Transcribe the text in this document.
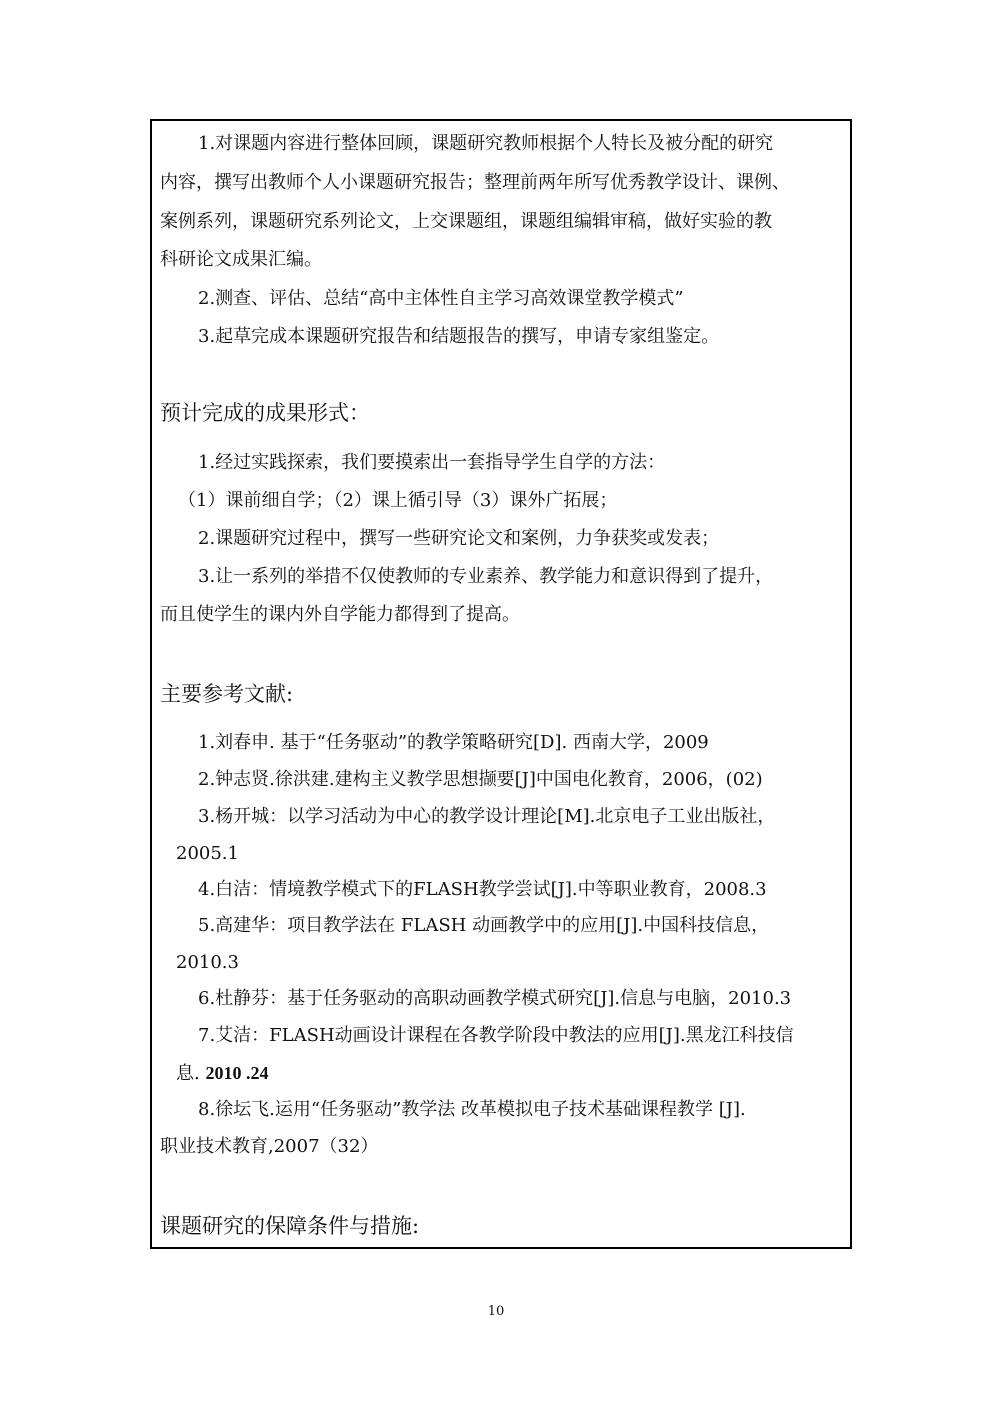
1.对课题内容进行整体回顾，课题研究教师根据个人特长及被分配的研究
内容，撰写出教师个人小课题研究报告；整理前两年所写优秀教学设计、课例、
案例系列，课题研究系列论文，上交课题组，课题组编辑审稿，做好实验的教
科研论文成果汇编。
2.测查、评估、总结“高中主体性自主学习高效课堂教学模式”
3.起草完成本课题研究报告和结题报告的撰写，申请专家组鉴定。
预计完成的成果形式：
1.经过实践探索，我们要摸索出一套指导学生自学的方法：
（1）课前细自学；（2）课上循引导（3）课外广拓展；
2.课题研究过程中，撰写一些研究论文和案例，力争获奖或发表；
3.让一系列的举措不仅使教师的专业素养、教学能力和意识得到了提升，
而且使学生的课内外自学能力都得到了提高。
主要参考文献:
1.刘春申. 基于“任务驱动”的教学策略研究[D]. 西南大学，2009
2.钟志贤.徐洪建.建构主义教学思想撷要[J]中国电化教育，2006，(02)
3.杨开城：以学习活动为中心的教学设计理论[M].北京电子工业出版社，
2005.1
4.白洁：情境教学模式下的FLASH教学尝试[J].中等职业教育，2008.3
5.高建华：项目教学法在 FLASH 动画教学中的应用[J].中国科技信息，
2010.3
6.杜静芬：基于任务驱动的高职动画教学模式研究[J].信息与电脑，2010.3
7.艾洁：FLASH动画设计课程在各教学阶段中教法的应用[J].黑龙江科技信
息. 2010 .24
8.徐坛飞.运用“任务驱动”教学法 改革模拟电子技术基础课程教学 [J].
职业技术教育,2007（32）
课题研究的保障条件与措施:
10
